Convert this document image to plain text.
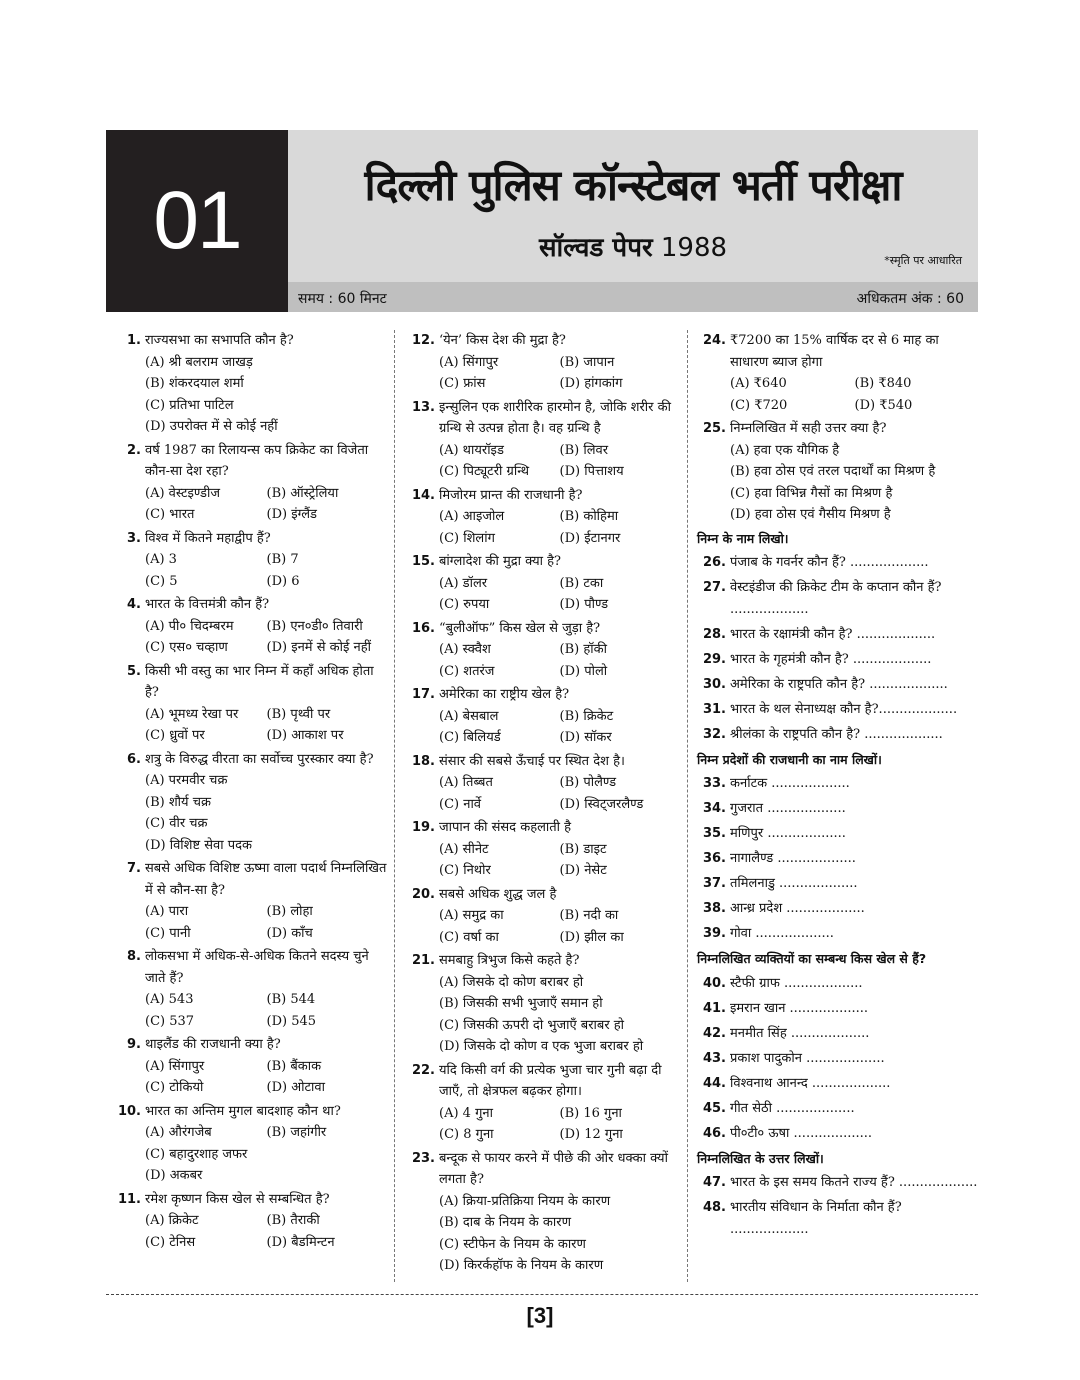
01	दिल्ली पुलिस कॉन्स्टेबल भर्ती परीक्षा
सॉल्वड पेपर 1988	*स्मृति पर आधारित
समय : 60 मिनट	अधिकतम अंक : 60
1. राज्यसभा का सभापति कौन है?
(A) श्री बलराम जाखड़
(B) शंकरदयाल शर्मा
(C) प्रतिभा पाटिल
(D) उपरोक्त में से कोई नहीं
2. वर्ष 1987 का रिलायन्स कप क्रिकेट का विजेता कौन-सा देश रहा?
(A) वेस्टइण्डीज	(B) ऑस्ट्रेलिया
(C) भारत	(D) इंग्लैंड
3. विश्व में कितने महाद्वीप हैं?
(A) 3	(B) 7
(C) 5	(D) 6
4. भारत के वित्तमंत्री कौन हैं?
(A) पी० चिदम्बरम	(B) एन०डी० तिवारी
(C) एस० चव्हाण	(D) इनमें से कोई नहीं
5. किसी भी वस्तु का भार निम्न में कहाँ अधिक होता है?
(A) भूमध्य रेखा पर	(B) पृथ्वी पर
(C) ध्रुवों पर	(D) आकाश पर
6. शत्रु के विरुद्ध वीरता का सर्वोच्च पुरस्कार क्या है?
(A) परमवीर चक्र
(B) शौर्य चक्र
(C) वीर चक्र
(D) विशिष्ट सेवा पदक
7. सबसे अधिक विशिष्ट ऊष्मा वाला पदार्थ निम्नलिखित में से कौन-सा है?
(A) पारा	(B) लोहा
(C) पानी	(D) काँच
8. लोकसभा में अधिक-से-अधिक कितने सदस्य चुने जाते हैं?
(A) 543	(B) 544
(C) 537	(D) 545
9. थाइलैंड की राजधानी क्या है?
(A) सिंगापुर	(B) बैंकाक
(C) टोकियो	(D) ओटावा
10. भारत का अन्तिम मुगल बादशाह कौन था?
(A) औरंगजेब	(B) जहांगीर
(C) बहादुरशाह जफर
(D) अकबर
11. रमेश कृष्णन किस खेल से सम्बन्धित है?
(A) क्रिकेट	(B) तैराकी
(C) टेनिस	(D) बैडमिन्टन
12. ‘येन’ किस देश की मुद्रा है?
(A) सिंगापुर	(B) जापान
(C) फ्रांस	(D) हांगकांग
13. इन्सुलिन एक शारीरिक हारमोन है, जोकि शरीर की ग्रन्थि से उत्पन्न होता है। वह ग्रन्थि है
(A) थायरॉइड	(B) लिवर
(C) पिट्यूटरी ग्रन्थि	(D) पित्ताशय
14. मिजोरम प्रान्त की राजधानी है?
(A) आइजोल	(B) कोहिमा
(C) शिलांग	(D) ईटानगर
15. बांग्लादेश की मुद्रा क्या है?
(A) डॉलर	(B) टका
(C) रुपया	(D) पौण्ड
16. “बुलीऑफ” किस खेल से जुड़ा है?
(A) स्क्वैश	(B) हॉकी
(C) शतरंज	(D) पोलो
17. अमेरिका का राष्ट्रीय खेल है?
(A) बेसबाल	(B) क्रिकेट
(C) बिलियर्ड	(D) सॉकर
18. संसार की सबसे ऊँचाई पर स्थित देश है।
(A) तिब्बत	(B) पोलैण्ड
(C) नार्वे	(D) स्विट्जरलैण्ड
19. जापान की संसद कहलाती है
(A) सीनेट	(B) डाइट
(C) निथोर	(D) नेसेट
20. सबसे अधिक शुद्ध जल है
(A) समुद्र का	(B) नदी का
(C) वर्षा का	(D) झील का
21. समबाहु त्रिभुज किसे कहते है?
(A) जिसके दो कोण बराबर हो
(B) जिसकी सभी भुजाएँ समान हो
(C) जिसकी ऊपरी दो भुजाएँ बराबर हो
(D) जिसके दो कोण व एक भुजा बराबर हो
22. यदि किसी वर्ग की प्रत्येक भुजा चार गुनी बढ़ा दी जाएँ, तो क्षेत्रफल बढ़कर होगा।
(A) 4 गुना	(B) 16 गुना
(C) 8 गुना	(D) 12 गुना
23. बन्दूक से फायर करने में पीछे की ओर धक्का क्यों लगता है?
(A) क्रिया-प्रतिक्रिया नियम के कारण
(B) दाब के नियम के कारण
(C) स्टीफेन के नियम के कारण
(D) किरर्कहॉफ के नियम के कारण
24. ₹7200 का 15% वार्षिक दर से 6 माह का साधारण ब्याज होगा
(A) ₹640	(B) ₹840
(C) ₹720	(D) ₹540
25. निम्नलिखित में सही उत्तर क्या है?
(A) हवा एक यौगिक है
(B) हवा ठोस एवं तरल पदार्थों का मिश्रण है
(C) हवा विभिन्न गैसों का मिश्रण है
(D) हवा ठोस एवं गैसीय मिश्रण है
निम्न के नाम लिखो।
26. पंजाब के गवर्नर कौन हैं? ...................
27. वेस्टइंडीज की क्रिकेट टीम के कप्तान कौन हैं? ...................
28. भारत के रक्षामंत्री कौन है? ...................
29. भारत के गृहमंत्री कौन है? ...................
30. अमेरिका के राष्ट्रपति कौन है? ...................
31. भारत के थल सेनाध्यक्ष कौन है?...................
32. श्रीलंका के राष्ट्रपति कौन है? ...................
निम्न प्रदेशों की राजधानी का नाम लिखों।
33. कर्नाटक ...................
34. गुजरात ...................
35. मणिपुर ...................
36. नागालैण्ड ...................
37. तमिलनाडु ...................
38. आन्ध्र प्रदेश ...................
39. गोवा ...................
निम्नलिखित व्यक्तियों का सम्बन्ध किस खेल से हैं?
40. स्टैफी ग्राफ ...................
41. इमरान खान ...................
42. मनमीत सिंह ...................
43. प्रकाश पादुकोन ...................
44. विश्वनाथ आनन्द ...................
45. गीत सेठी ...................
46. पी०टी० ऊषा ...................
निम्नलिखित के उत्तर लिखों।
47. भारत के इस समय कितने राज्य हैं? ...................
48. भारतीय संविधान के निर्माता कौन हैं? ...................
[3]
